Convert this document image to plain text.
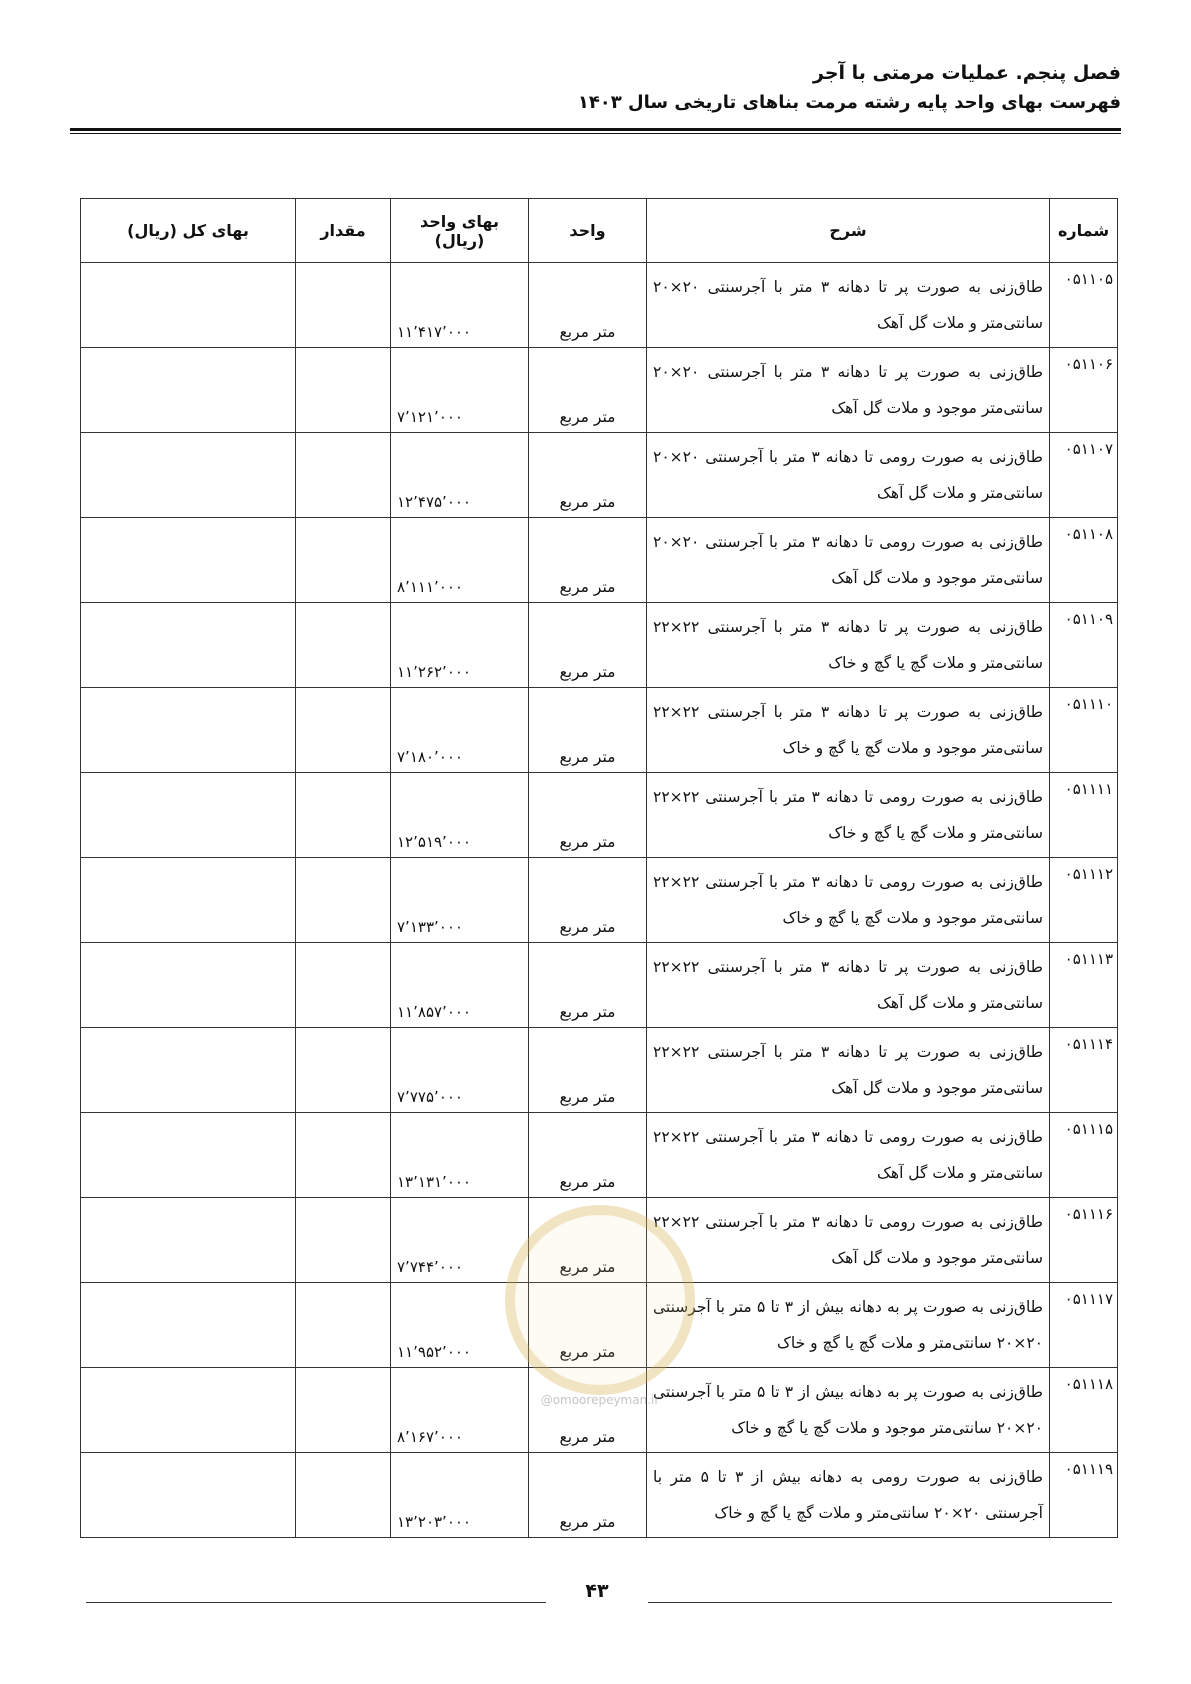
فصل پنجم. عملیات مرمتی با آجر
فهرست بهای واحد پایه رشته مرمت بناهای تاریخی سال ۱۴۰۳
شماره	شرح	واحد	بهای واحد (ریال)	مقدار	بهای کل (ریال)
۰۵۱۱۰۵	طاق‌زنی به صورت پر تا دهانه ۳ متر با آجرسنتی ۲۰×۲۰ سانتی‌متر و ملات گل آهک	متر مربع	۱۱٬۴۱۷٬۰۰۰		
۰۵۱۱۰۶	طاق‌زنی به صورت پر تا دهانه ۳ متر با آجرسنتی ۲۰×۲۰ سانتی‌متر موجود و ملات گل آهک	متر مربع	۷٬۱۲۱٬۰۰۰		
۰۵۱۱۰۷	طاق‌زنی به صورت رومی تا دهانه ۳ متر با آجرسنتی ۲۰×۲۰ سانتی‌متر و ملات گل آهک	متر مربع	۱۲٬۴۷۵٬۰۰۰		
۰۵۱۱۰۸	طاق‌زنی به صورت رومی تا دهانه ۳ متر با آجرسنتی ۲۰×۲۰ سانتی‌متر موجود و ملات گل آهک	متر مربع	۸٬۱۱۱٬۰۰۰		
۰۵۱۱۰۹	طاق‌زنی به صورت پر تا دهانه ۳ متر با آجرسنتی ۲۲×۲۲ سانتی‌متر و ملات گچ یا گچ و خاک	متر مربع	۱۱٬۲۶۲٬۰۰۰		
۰۵۱۱۱۰	طاق‌زنی به صورت پر تا دهانه ۳ متر با آجرسنتی ۲۲×۲۲ سانتی‌متر موجود و ملات گچ یا گچ و خاک	متر مربع	۷٬۱۸۰٬۰۰۰		
۰۵۱۱۱۱	طاق‌زنی به صورت رومی تا دهانه ۳ متر با آجرسنتی ۲۲×۲۲ سانتی‌متر و ملات گچ یا گچ و خاک	متر مربع	۱۲٬۵۱۹٬۰۰۰		
۰۵۱۱۱۲	طاق‌زنی به صورت رومی تا دهانه ۳ متر با آجرسنتی ۲۲×۲۲ سانتی‌متر موجود و ملات گچ یا گچ و خاک	متر مربع	۷٬۱۳۳٬۰۰۰		
۰۵۱۱۱۳	طاق‌زنی به صورت پر تا دهانه ۳ متر با آجرسنتی ۲۲×۲۲ سانتی‌متر و ملات گل آهک	متر مربع	۱۱٬۸۵۷٬۰۰۰		
۰۵۱۱۱۴	طاق‌زنی به صورت پر تا دهانه ۳ متر با آجرسنتی ۲۲×۲۲ سانتی‌متر موجود و ملات گل آهک	متر مربع	۷٬۷۷۵٬۰۰۰		
۰۵۱۱۱۵	طاق‌زنی به صورت رومی تا دهانه ۳ متر با آجرسنتی ۲۲×۲۲ سانتی‌متر و ملات گل آهک	متر مربع	۱۳٬۱۳۱٬۰۰۰		
۰۵۱۱۱۶	طاق‌زنی به صورت رومی تا دهانه ۳ متر با آجرسنتی ۲۲×۲۲ سانتی‌متر موجود و ملات گل آهک	متر مربع	۷٬۷۴۴٬۰۰۰		
۰۵۱۱۱۷	طاق‌زنی به صورت پر به دهانه بیش از ۳ تا ۵ متر با آجرسنتی ۲۰×۲۰ سانتی‌متر و ملات گچ یا گچ و خاک	متر مربع	۱۱٬۹۵۲٬۰۰۰		
۰۵۱۱۱۸	طاق‌زنی به صورت پر به دهانه بیش از ۳ تا ۵ متر با آجرسنتی ۲۰×۲۰ سانتی‌متر موجود و ملات گچ یا گچ و خاک	متر مربع	۸٬۱۶۷٬۰۰۰		
۰۵۱۱۱۹	طاق‌زنی به صورت رومی به دهانه بیش از ۳ تا ۵ متر با آجرسنتی ۲۰×۲۰ سانتی‌متر و ملات گچ یا گچ و خاک	متر مربع	۱۳٬۲۰۳٬۰۰۰		
@omoorepeyman.ir
۴۳
